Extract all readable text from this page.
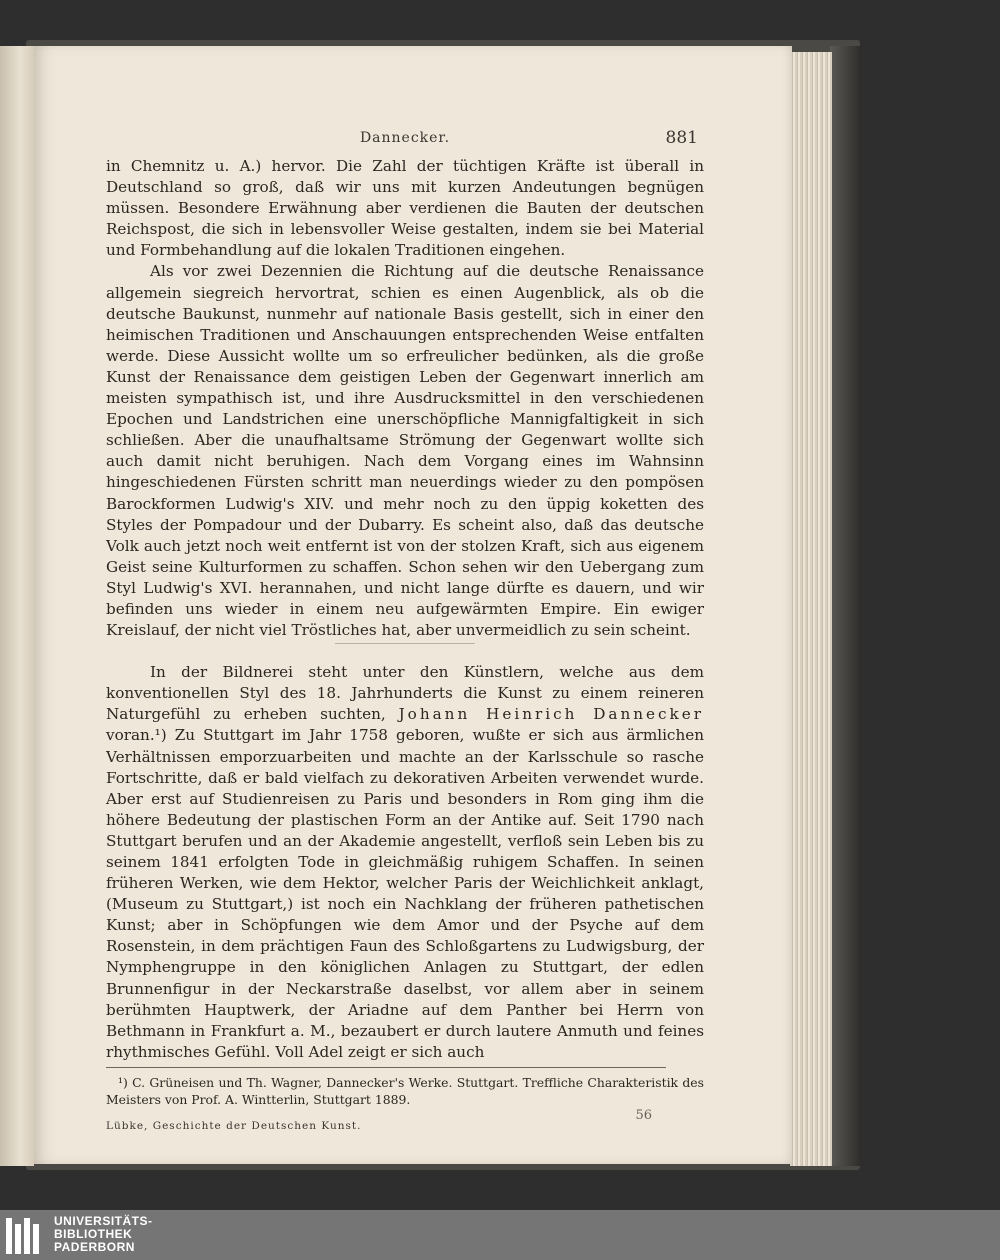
Dannecker.	881

in Chemnitz u. A.) hervor. Die Zahl der tüchtigen Kräfte ist überall in Deutschland so groß, daß wir uns mit kurzen Andeutungen begnügen müssen. Besondere Erwähnung aber verdienen die Bauten der deutschen Reichspost, die sich in lebensvoller Weise gestalten, indem sie bei Material und Formbehandlung auf die lokalen Traditionen eingehen.

Als vor zwei Dezennien die Richtung auf die deutsche Renaissance allgemein siegreich hervortrat, schien es einen Augenblick, als ob die deutsche Baukunst, nunmehr auf nationale Basis gestellt, sich in einer den heimischen Traditionen und Anschauungen entsprechenden Weise entfalten werde. Diese Aussicht wollte um so erfreulicher bedünken, als die große Kunst der Renaissance dem geistigen Leben der Gegenwart innerlich am meisten sympathisch ist, und ihre Ausdrucksmittel in den verschiedenen Epochen und Landstrichen eine unerschöpfliche Mannigfaltigkeit in sich schließen. Aber die unaufhaltsame Strömung der Gegenwart wollte sich auch damit nicht beruhigen. Nach dem Vorgang eines im Wahnsinn hingeschiedenen Fürsten schritt man neuerdings wieder zu den pompösen Barockformen Ludwig's XIV. und mehr noch zu den üppig koketten des Styles der Pompadour und der Dubarry. Es scheint also, daß das deutsche Volk auch jetzt noch weit entfernt ist von der stolzen Kraft, sich aus eigenem Geist seine Kulturformen zu schaffen. Schon sehen wir den Uebergang zum Styl Ludwig's XVI. herannahen, und nicht lange dürfte es dauern, und wir befinden uns wieder in einem neu aufgewärmten Empire. Ein ewiger Kreislauf, der nicht viel Tröstliches hat, aber unvermeidlich zu sein scheint.

In der Bildnerei steht unter den Künstlern, welche aus dem konventionellen Styl des 18. Jahrhunderts die Kunst zu einem reineren Naturgefühl zu erheben suchten, Johann Heinrich Dannecker voran.¹) Zu Stuttgart im Jahr 1758 geboren, wußte er sich aus ärmlichen Verhältnissen emporzuarbeiten und machte an der Karlsschule so rasche Fortschritte, daß er bald vielfach zu dekorativen Arbeiten verwendet wurde. Aber erst auf Studienreisen zu Paris und besonders in Rom ging ihm die höhere Bedeutung der plastischen Form an der Antike auf. Seit 1790 nach Stuttgart berufen und an der Akademie angestellt, verfloß sein Leben bis zu seinem 1841 erfolgten Tode in gleichmäßig ruhigem Schaffen. In seinen früheren Werken, wie dem Hektor, welcher Paris der Weichlichkeit anklagt, (Museum zu Stuttgart,) ist noch ein Nachklang der früheren pathetischen Kunst; aber in Schöpfungen wie dem Amor und der Psyche auf dem Rosenstein, in dem prächtigen Faun des Schloßgartens zu Ludwigsburg, der Nymphengruppe in den königlichen Anlagen zu Stuttgart, der edlen Brunnenfigur in der Neckarstraße daselbst, vor allem aber in seinem berühmten Hauptwerk, der Ariadne auf dem Panther bei Herrn von Bethmann in Frankfurt a. M., bezaubert er durch lautere Anmuth und feines rhythmisches Gefühl. Voll Adel zeigt er sich auch

¹) C. Grüneisen und Th. Wagner, Dannecker's Werke. Stuttgart. Treffliche Charakteristik des Meisters von Prof. A. Wintterlin, Stuttgart 1889.

Lübke, Geschichte der Deutschen Kunst.
56
UNIVERSITÄTS-
BIBLIOTHEK
PADERBORN
